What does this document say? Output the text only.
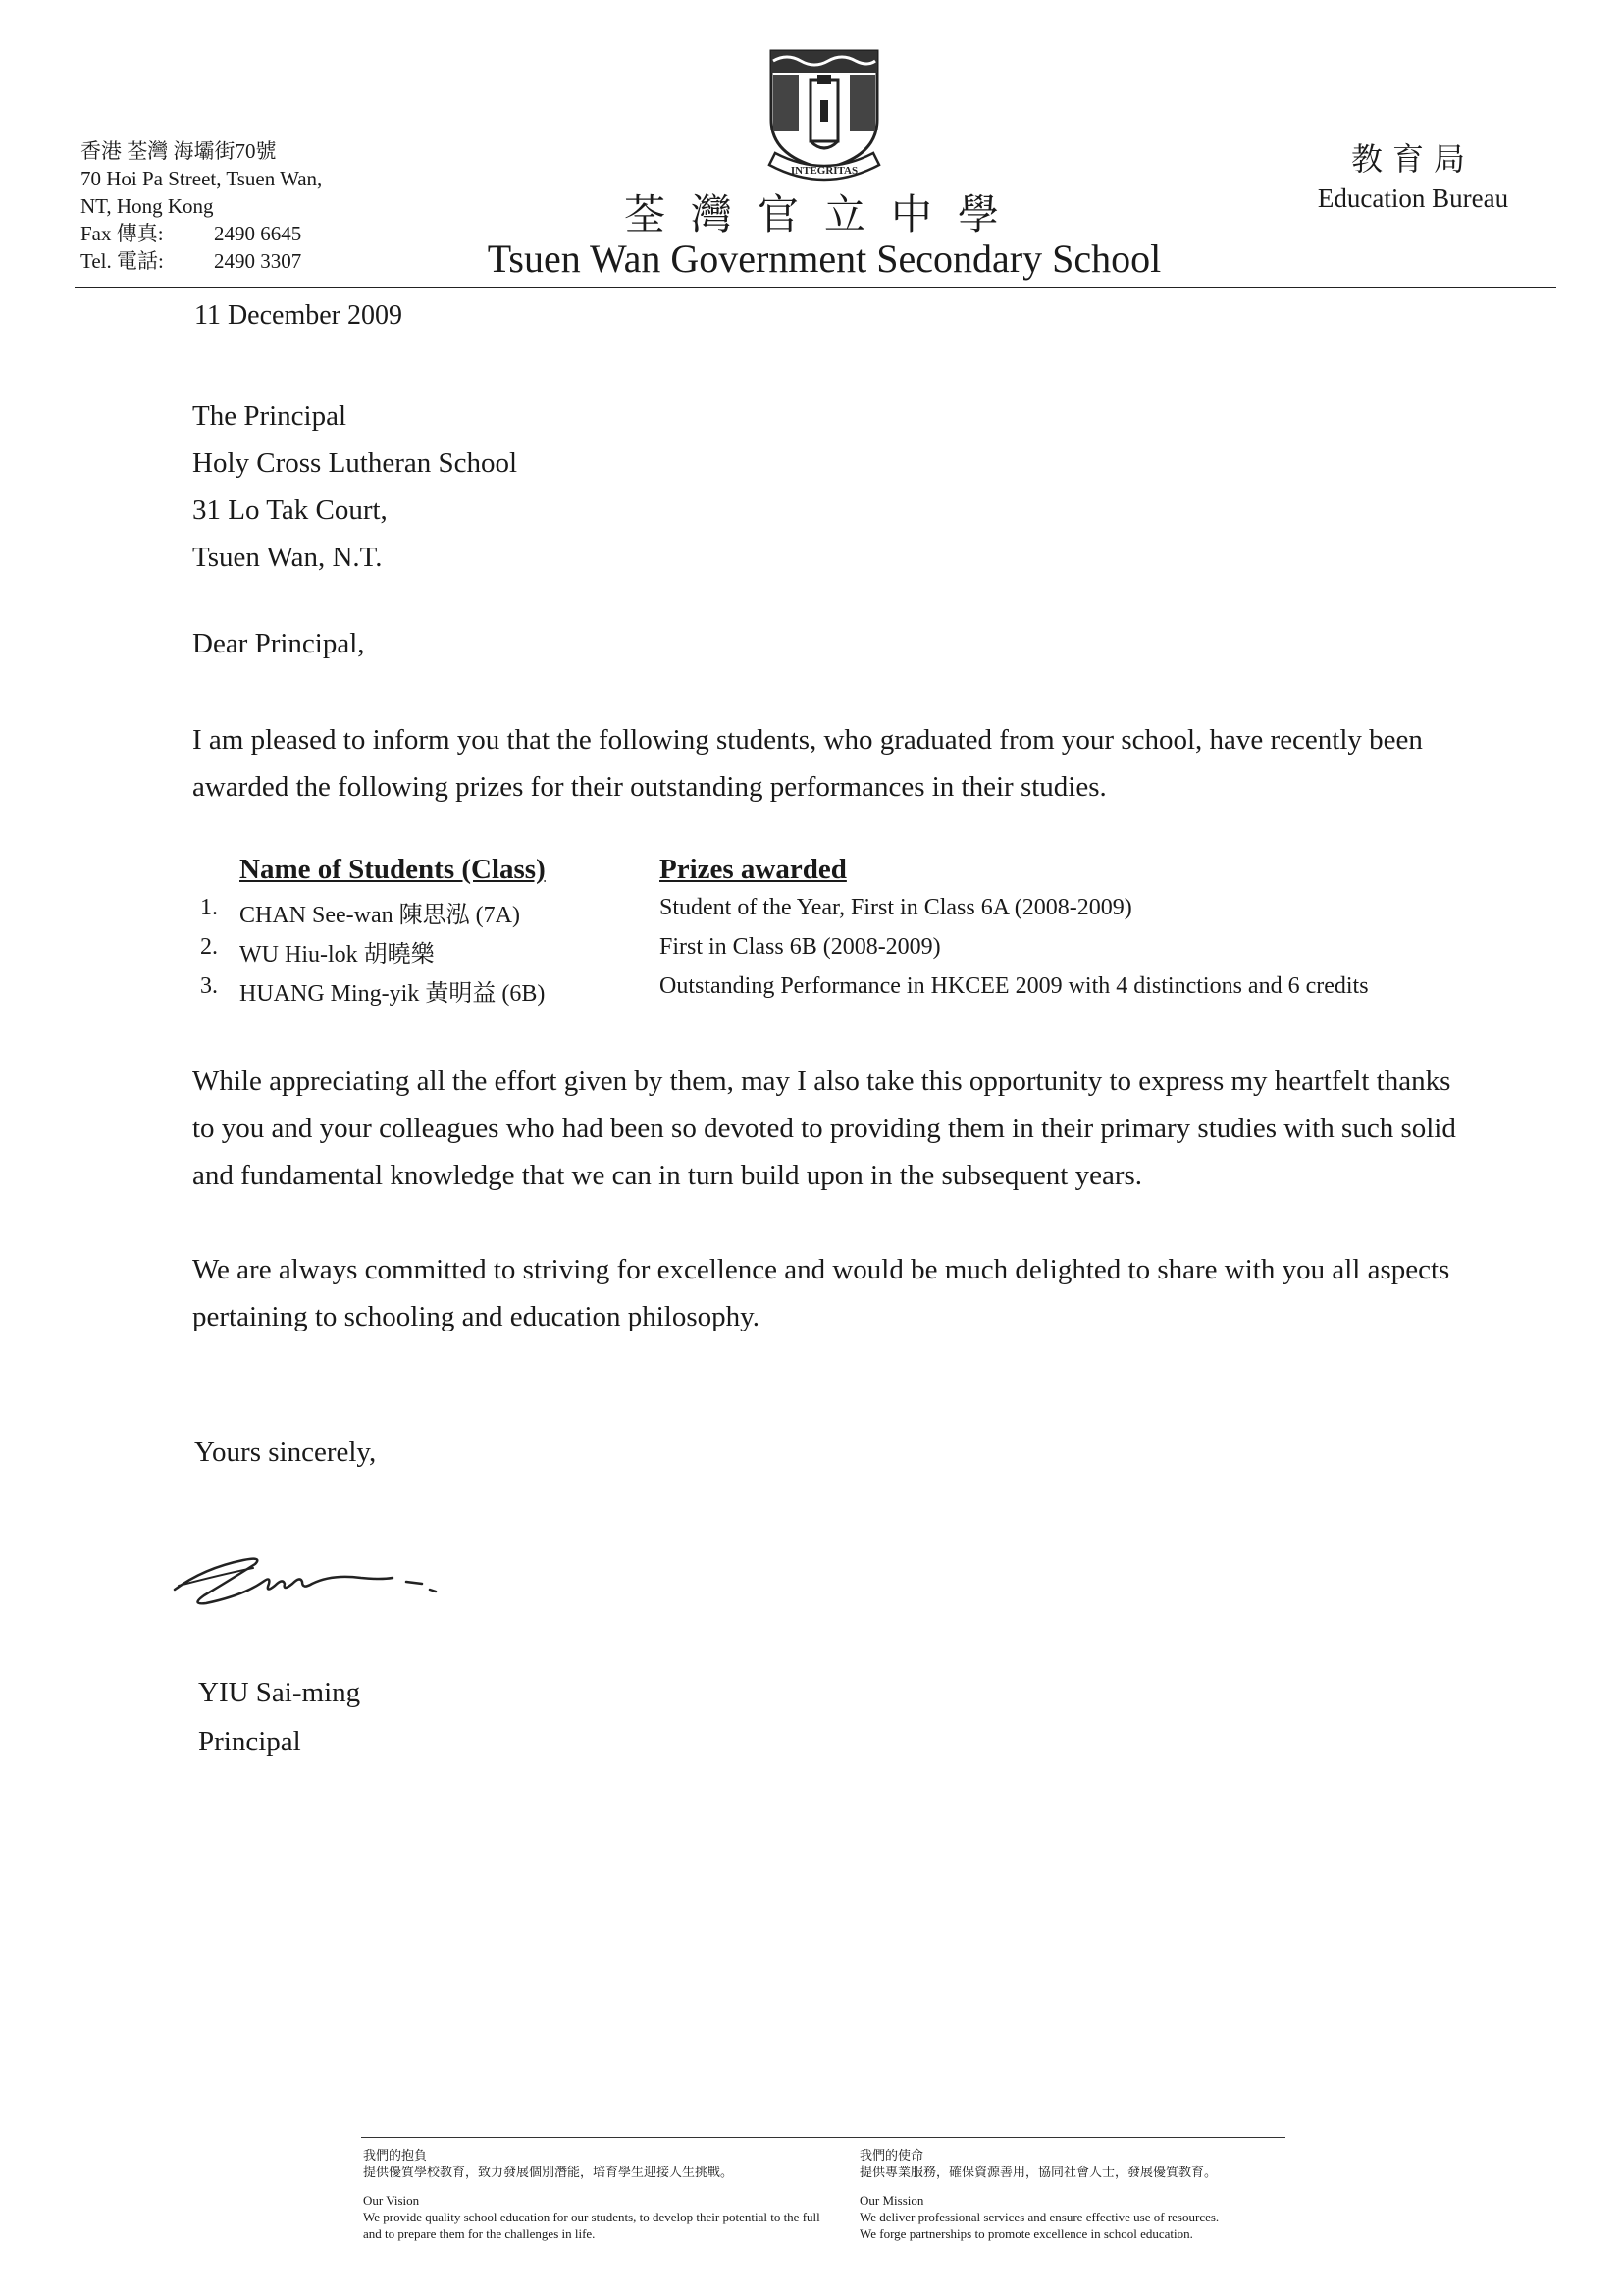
香港 荃灣 海壩街70號
70 Hoi Pa Street, Tsuen Wan,
NT, Hong Kong
Fax 傳真: 2490 6645
Tel. 電話: 2490 3307
INTEGRITAS
荃灣官立中學
Tsuen Wan Government Secondary School
教育局
Education Bureau
11 December 2009
The Principal
Holy Cross Lutheran School
31 Lo Tak Court,
Tsuen Wan, N.T.
Dear Principal,
I am pleased to inform you that the following students, who graduated from your school, have recently been awarded the following prizes for their outstanding performances in their studies.
Name of Students (Class)	Prizes awarded
1. CHAN See-wan 陳思泓 (7A)	Student of the Year, First in Class 6A (2008-2009)
2. WU Hiu-lok 胡曉樂	First in Class 6B (2008-2009)
3. HUANG Ming-yik 黃明益 (6B)	Outstanding Performance in HKCEE 2009 with 4 distinctions and 6 credits
While appreciating all the effort given by them, may I also take this opportunity to express my heartfelt thanks to you and your colleagues who had been so devoted to providing them in their primary studies with such solid and fundamental knowledge that we can in turn build upon in the subsequent years.
We are always committed to striving for excellence and would be much delighted to share with you all aspects pertaining to schooling and education philosophy.
Yours sincerely,
YIU Sai-ming
Principal
我們的抱負
提供優質學校教育，致力發展個別潛能，培育學生迎接人生挑戰。
Our Vision
We provide quality school education for our students, to develop their potential to the full and to prepare them for the challenges in life.
我們的使命
提供專業服務，確保資源善用，協同社會人士，發展優質教育。
Our Mission
We deliver professional services and ensure effective use of resources.
We forge partnerships to promote excellence in school education.
